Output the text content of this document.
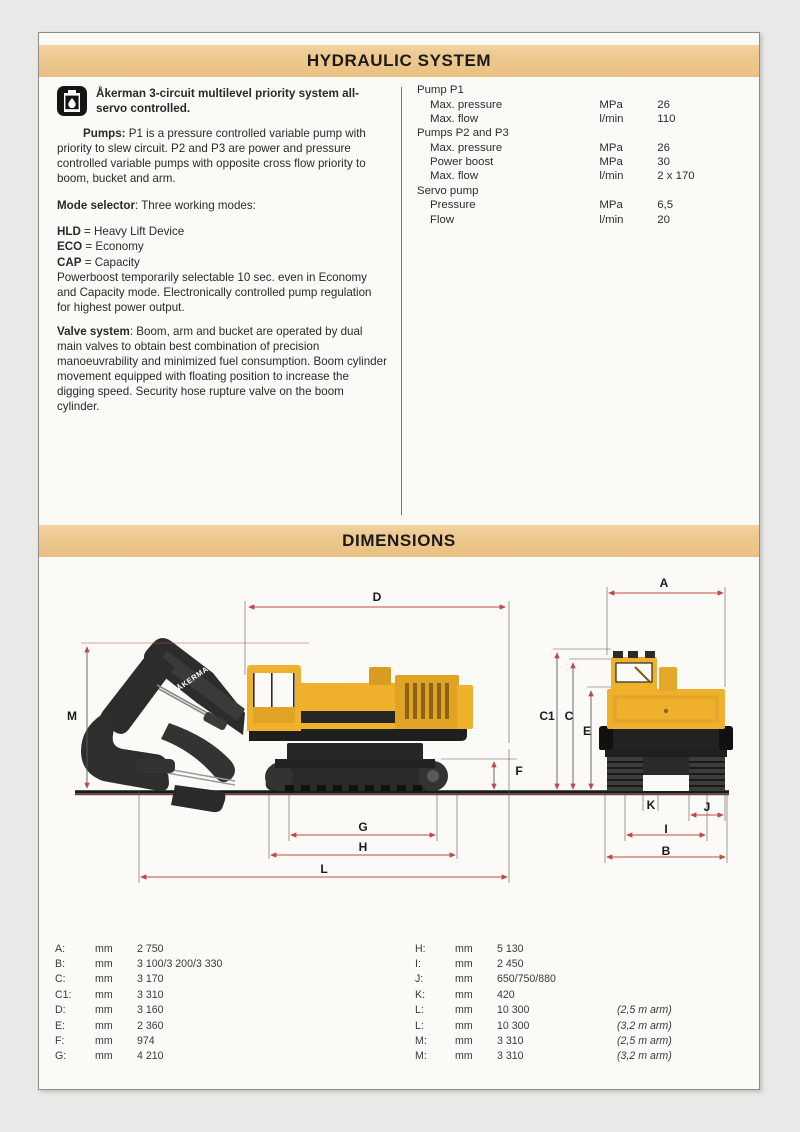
HYDRAULIC SYSTEM
Åkerman 3-circuit multilevel priority system all-servo controlled.

Pumps: P1 is a pressure controlled variable pump with priority to slew circuit. P2 and P3 are power and pressure controlled variable pumps with opposite cross flow priority to boom, bucket and arm.

Mode selector: Three working modes:

HLD = Heavy Lift Device
ECO = Economy
CAP = Capacity
Powerboost temporarily selectable 10 sec. even in Economy and Capacity mode. Electronically controlled pump regulation for highest power output.

Valve system: Boom, arm and bucket are operated by dual main valves to obtain best combination of precision manoeuvrability and minimized fuel consumption. Boom cylinder movement equipped with floating position to increase the digging speed. Security hose rupture valve on the boom cylinder.

Pump P1		
Max. pressure	MPa	26
Max. flow	l/min	110
Pumps P2 and P3		
Max. pressure	MPa	26
Power boost	MPa	30
Max. flow	l/min	2 x 170
Servo pump		
Pressure	MPa	6,5
Flow	l/min	20
DIMENSIONS
ÅKERMAN
M
D
F
G
H
L
A
C1 C
E
K	J
I
B
A:	mm	2 750	
B:	mm	3 100/3 200/3 330	
C:	mm	3 170	
C1:	mm	3 310	
D:	mm	3 160	
E:	mm	2 360	
F:	mm	974	
G:	mm	4 210	
H:	mm	5 130	
I:	mm	2 450	
J:	mm	650/750/880	
K:	mm	420	
L:	mm	10 300	(2,5 m arm)
L:	mm	10 300	(3,2 m arm)
M:	mm	3 310	(2,5 m arm)
M:	mm	3 310	(3,2 m arm)
